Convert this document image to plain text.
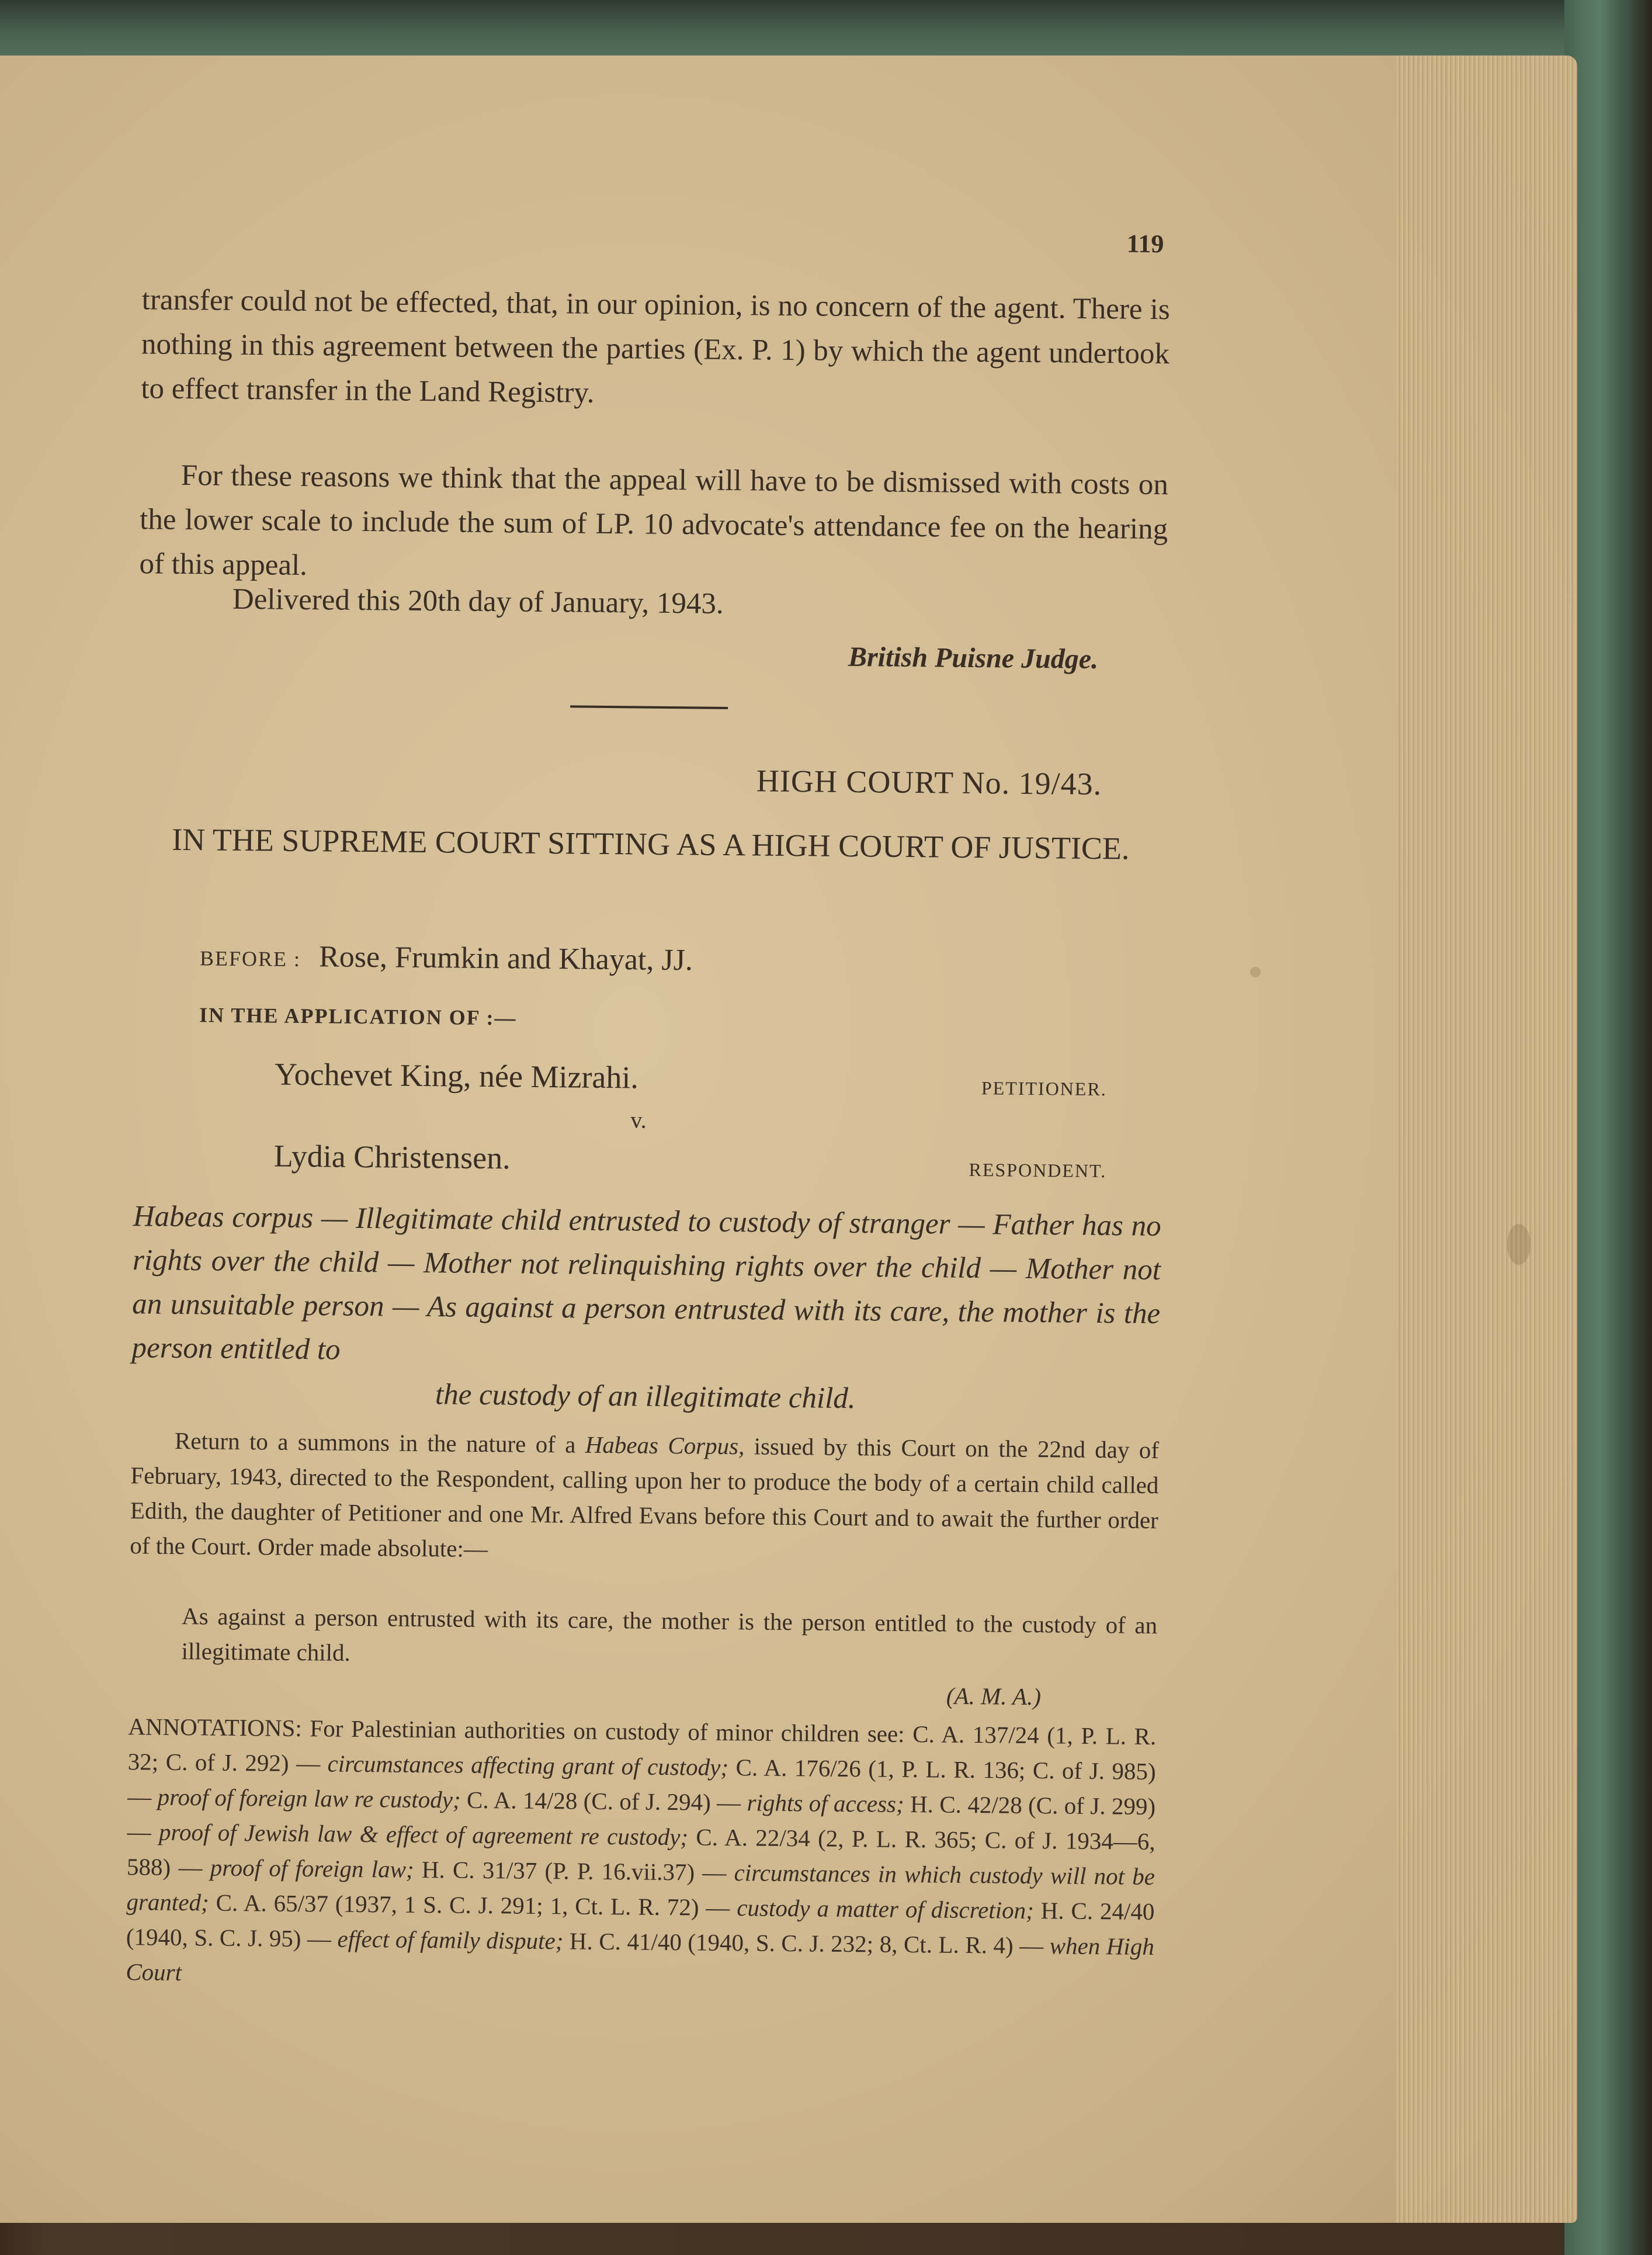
119

transfer could not be effected, that, in our opinion, is no concern of the agent. There is nothing in this agreement between the parties (Ex. P. 1) by which the agent undertook to effect transfer in the Land Registry.

For these reasons we think that the appeal will have to be dismissed with costs on the lower scale to include the sum of LP. 10 advocate's attendance fee on the hearing of this appeal.

Delivered this 20th day of January, 1943.
British Puisne Judge.
HIGH COURT No. 19/43.
IN THE SUPREME COURT SITTING AS A HIGH COURT OF JUSTICE.
BEFORE : Rose, Frumkin and Khayat, JJ.
IN THE APPLICATION OF :—
Yochevet King, née Mizrahi.	PETITIONER.
v.
Lydia Christensen.	RESPONDENT.
Habeas corpus — Illegitimate child entrusted to custody of stranger — Father has no rights over the child — Mother not relinquishing rights over the child — Mother not an unsuitable person — As against a person entrusted with its care, the mother is the person entitled to
the custody of an illegitimate child.
Return to a summons in the nature of a Habeas Corpus, issued by this Court on the 22nd day of February, 1943, directed to the Respondent, calling upon her to produce the body of a certain child called Edith, the daughter of Petitioner and one Mr. Alfred Evans before this Court and to await the further order of the Court. Order made absolute:—
As against a person entrusted with its care, the mother is the person entitled to the custody of an illegitimate child.
(A. M. A.)
ANNOTATIONS: For Palestinian authorities on custody of minor children see: C. A. 137/24 (1, P. L. R. 32; C. of J. 292) — circumstances affecting grant of custody; C. A. 176/26 (1, P. L. R. 136; C. of J. 985) — proof of foreign law re custody; C. A. 14/28 (C. of J. 294) — rights of access; H. C. 42/28 (C. of J. 299) — proof of Jewish law & effect of agreement re custody; C. A. 22/34 (2, P. L. R. 365; C. of J. 1934—6, 588) — proof of foreign law; H. C. 31/37 (P. P. 16.vii.37) — circumstances in which custody will not be granted; C. A. 65/37 (1937, 1 S. C. J. 291; 1, Ct. L. R. 72) — custody a matter of discretion; H. C. 24/40 (1940, S. C. J. 95) — effect of family dispute; H. C. 41/40 (1940, S. C. J. 232; 8, Ct. L. R. 4) — when High Court
